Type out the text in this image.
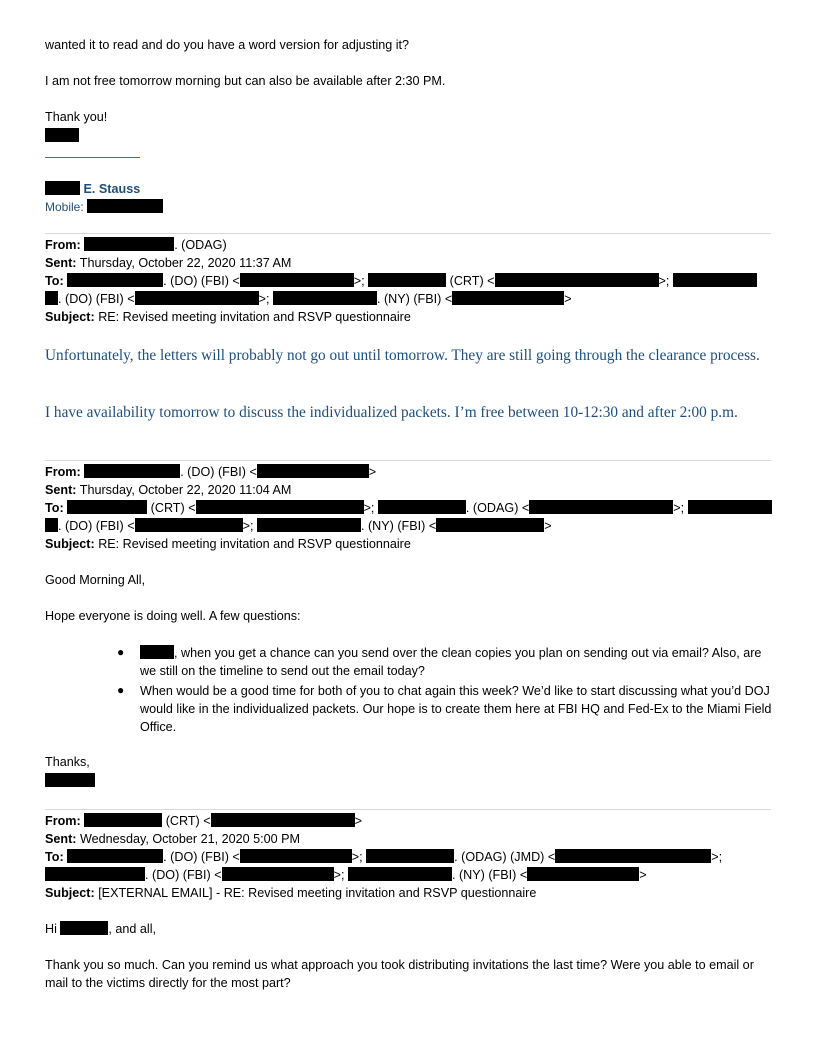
wanted it to read and do you have a word version for adjusting it?
I am not free tomorrow morning but can also be available after 2:30 PM.
Thank you!
E. Stauss
Mobile:
From:	. (ODAG)
Sent: Thursday, October 22, 2020 11:37 AM
To:	. (DO) (FBI) <	>;	(CRT) <	>;
. (DO) (FBI) <	>;	. (NY) (FBI) <	>
Subject: RE: Revised meeting invitation and RSVP questionnaire
Unfortunately, the letters will probably not go out until tomorrow. They are still going through the clearance process.
I have availability tomorrow to discuss the individualized packets. I’m free between 10-12:30 and after 2:00 p.m.
From:	. (DO) (FBI) <	>
Sent: Thursday, October 22, 2020 11:04 AM
To:	(CRT) <	>;	. (ODAG) <	>;
. (DO) (FBI) <	>;	. (NY) (FBI) <	>
Subject: RE: Revised meeting invitation and RSVP questionnaire
Good Morning All,
Hope everyone is doing well. A few questions:
●	, when you get a chance can you send over the clean copies you plan on sending out via email? Also, are we still on the timeline to send out the email today?
● When would be a good time for both of you to chat again this week? We’d like to start discussing what you’d DOJ would like in the individualized packets. Our hope is to create them here at FBI HQ and Fed-Ex to the Miami Field Office.
Thanks,
From:	(CRT) <	>
Sent: Wednesday, October 21, 2020 5:00 PM
To:	. (DO) (FBI) <	>;	. (ODAG) (JMD) <	>;
. (DO) (FBI) <	>;	. (NY) (FBI) <	>
Subject: [EXTERNAL EMAIL] - RE: Revised meeting invitation and RSVP questionnaire
Hi	, and all,
Thank you so much. Can you remind us what approach you took distributing invitations the last time? Were you able to email or mail to the victims directly for the most part?
